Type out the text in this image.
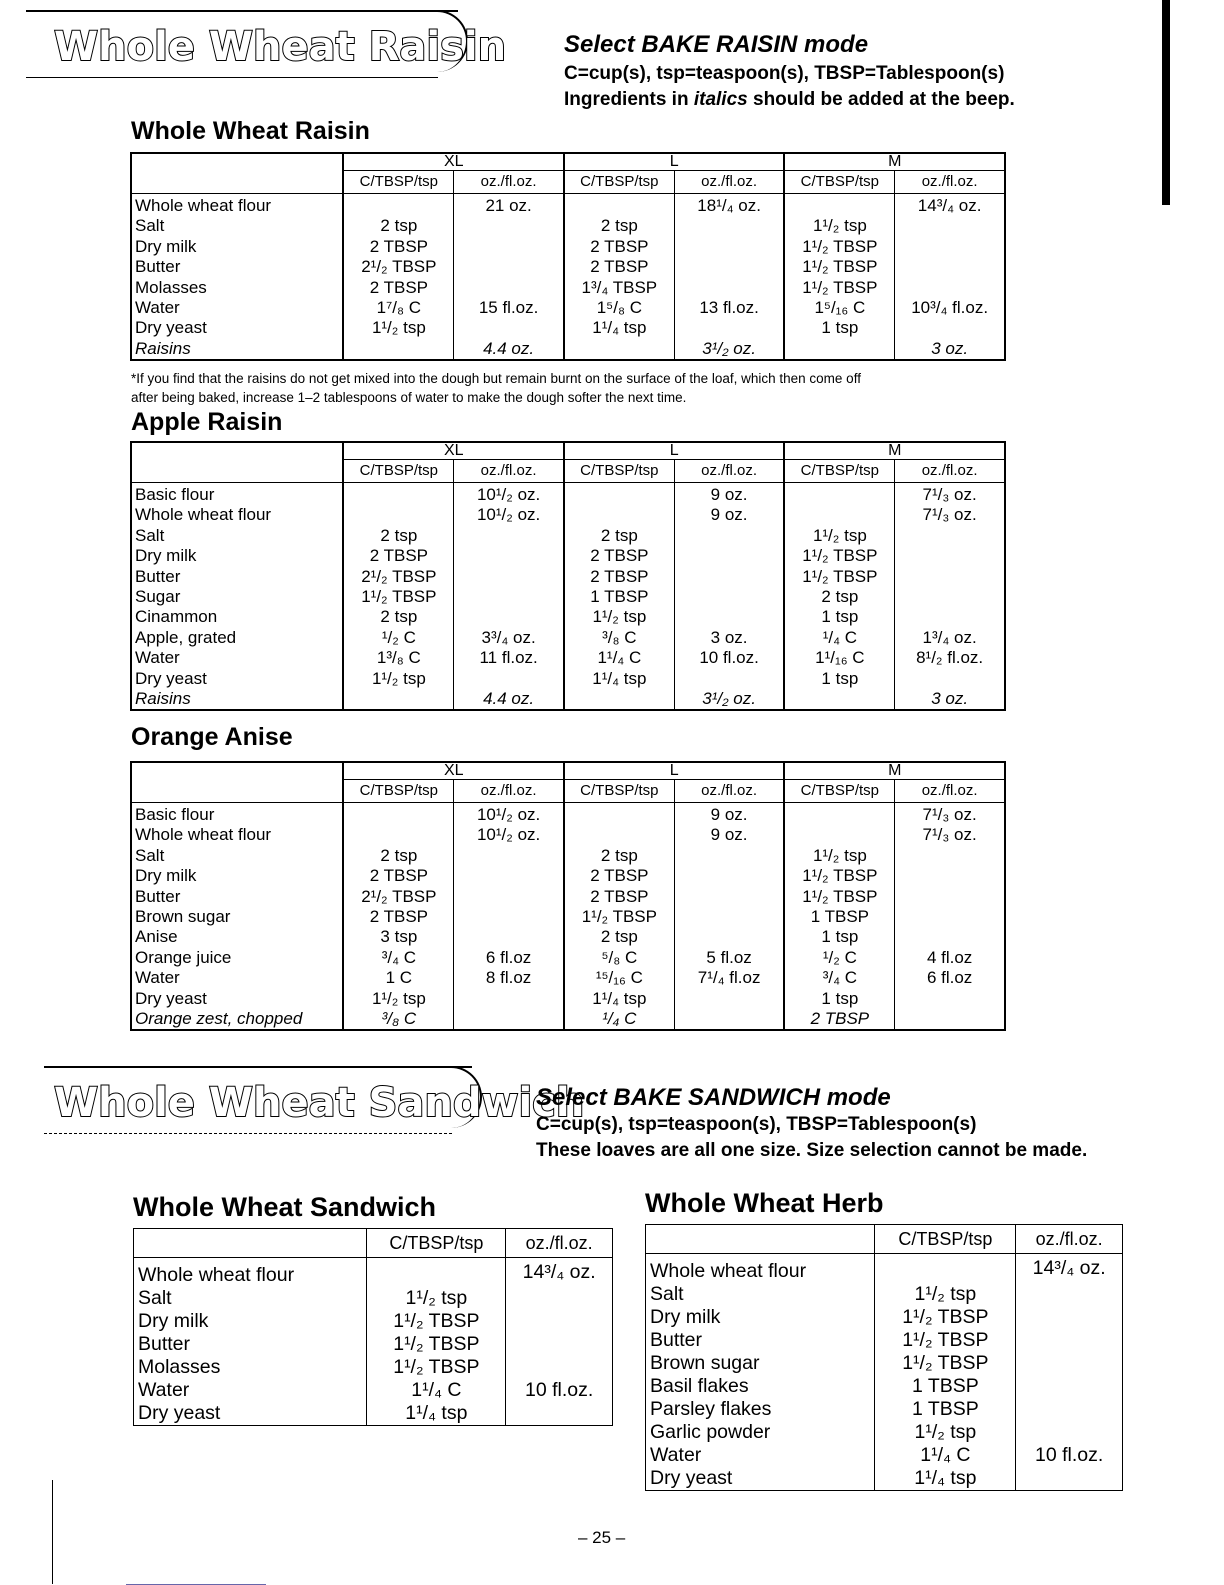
Whole Wheat Raisin Select BAKE RAISIN mode
C=cup(s), tsp=teaspoon(s), TBSP=Tablespoon(s)
Ingredients in italics should be added at the beep.
Whole Wheat Raisin
	XL		L		M	
	C/TBSP/tsp	oz./fl.oz.	C/TBSP/tsp	oz./fl.oz.	C/TBSP/tsp	oz./fl.oz.
Whole wheat flour		21 oz.		18¹/₄ oz.		14³/₄ oz.
Salt	2 tsp		2 tsp		1¹/₂ tsp	
Dry milk	2 TBSP		2 TBSP		1¹/₂ TBSP	
Butter	2¹/₂ TBSP		2 TBSP		1¹/₂ TBSP	
Molasses	2 TBSP		1³/₄ TBSP		1¹/₂ TBSP	
Water	1⁷/₈ C	15 fl.oz.	1⁵/₈ C	13 fl.oz.	1⁵/₁₆ C	10³/₄ fl.oz.
Dry yeast	1¹/₂ tsp		1¹/₄ tsp		1 tsp	
Raisins		4.4 oz.		3¹/₂ oz.		3 oz.
*If you find that the raisins do not get mixed into the dough but remain burnt on the surface of the loaf, which then come off
after being baked, increase 1–2 tablespoons of water to make the dough softer the next time.
Apple Raisin
	XL		L		M	
	C/TBSP/tsp	oz./fl.oz.	C/TBSP/tsp	oz./fl.oz.	C/TBSP/tsp	oz./fl.oz.
Basic flour		10¹/₂ oz.		9 oz.		7¹/₃ oz.
Whole wheat flour		10¹/₂ oz.		9 oz.		7¹/₃ oz.
Salt	2 tsp		2 tsp		1¹/₂ tsp	
Dry milk	2 TBSP		2 TBSP		1¹/₂ TBSP	
Butter	2¹/₂ TBSP		2 TBSP		1¹/₂ TBSP	
Sugar	1¹/₂ TBSP		1 TBSP		2 tsp	
Cinammon	2 tsp		1¹/₂ tsp		1 tsp	
Apple, grated	¹/₂ C	3³/₄ oz.	³/₈ C	3 oz.	¹/₄ C	1³/₄ oz.
Water	1³/₈ C	11 fl.oz.	1¹/₄ C	10 fl.oz.	1¹/₁₆ C	8¹/₂ fl.oz.
Dry yeast	1¹/₂ tsp		1¹/₄ tsp		1 tsp	
Raisins		4.4 oz.		3¹/₂ oz.		3 oz.
Orange Anise
	XL		L		M	
	C/TBSP/tsp	oz./fl.oz.	C/TBSP/tsp	oz./fl.oz.	C/TBSP/tsp	oz./fl.oz.
Basic flour		10¹/₂ oz.		9 oz.		7¹/₃ oz.
Whole wheat flour		10¹/₂ oz.		9 oz.		7¹/₃ oz.
Salt	2 tsp		2 tsp		1¹/₂ tsp	
Dry milk	2 TBSP		2 TBSP		1¹/₂ TBSP	
Butter	2¹/₂ TBSP		2 TBSP		1¹/₂ TBSP	
Brown sugar	2 TBSP		1¹/₂ TBSP		1 TBSP	
Anise	3 tsp		2 tsp		1 tsp	
Orange juice	³/₄ C	6 fl.oz	⁵/₈ C	5 fl.oz	¹/₂ C	4 fl.oz
Water	1 C	8 fl.oz	¹⁵/₁₆ C	7¹/₄ fl.oz	³/₄ C	6 fl.oz
Dry yeast	1¹/₂ tsp		1¹/₄ tsp		1 tsp	
Orange zest, chopped	³/₈ C		¹/₄ C		2 TBSP	
Whole Wheat Sandwich
Select BAKE SANDWICH mode
C=cup(s), tsp=teaspoon(s), TBSP=Tablespoon(s)
These loaves are all one size. Size selection cannot be made.
Whole Wheat Sandwich
	C/TBSP/tsp	oz./fl.oz.
Whole wheat flour		14³/₄ oz.
Salt	1¹/₂ tsp	
Dry milk	1¹/₂ TBSP	
Butter	1¹/₂ TBSP	
Molasses	1¹/₂ TBSP	
Water	1¹/₄ C	10 fl.oz.
Dry yeast	1¹/₄ tsp	
Whole Wheat Herb
	C/TBSP/tsp	oz./fl.oz.
Whole wheat flour		14³/₄ oz.
Salt	1¹/₂ tsp	
Dry milk	1¹/₂ TBSP	
Butter	1¹/₂ TBSP	
Brown sugar	1¹/₂ TBSP	
Basil flakes	1 TBSP	
Parsley flakes	1 TBSP	
Garlic powder	1¹/₂ tsp	
Water	1¹/₄ C	10 fl.oz.
Dry yeast	1¹/₄ tsp	
– 25 –
